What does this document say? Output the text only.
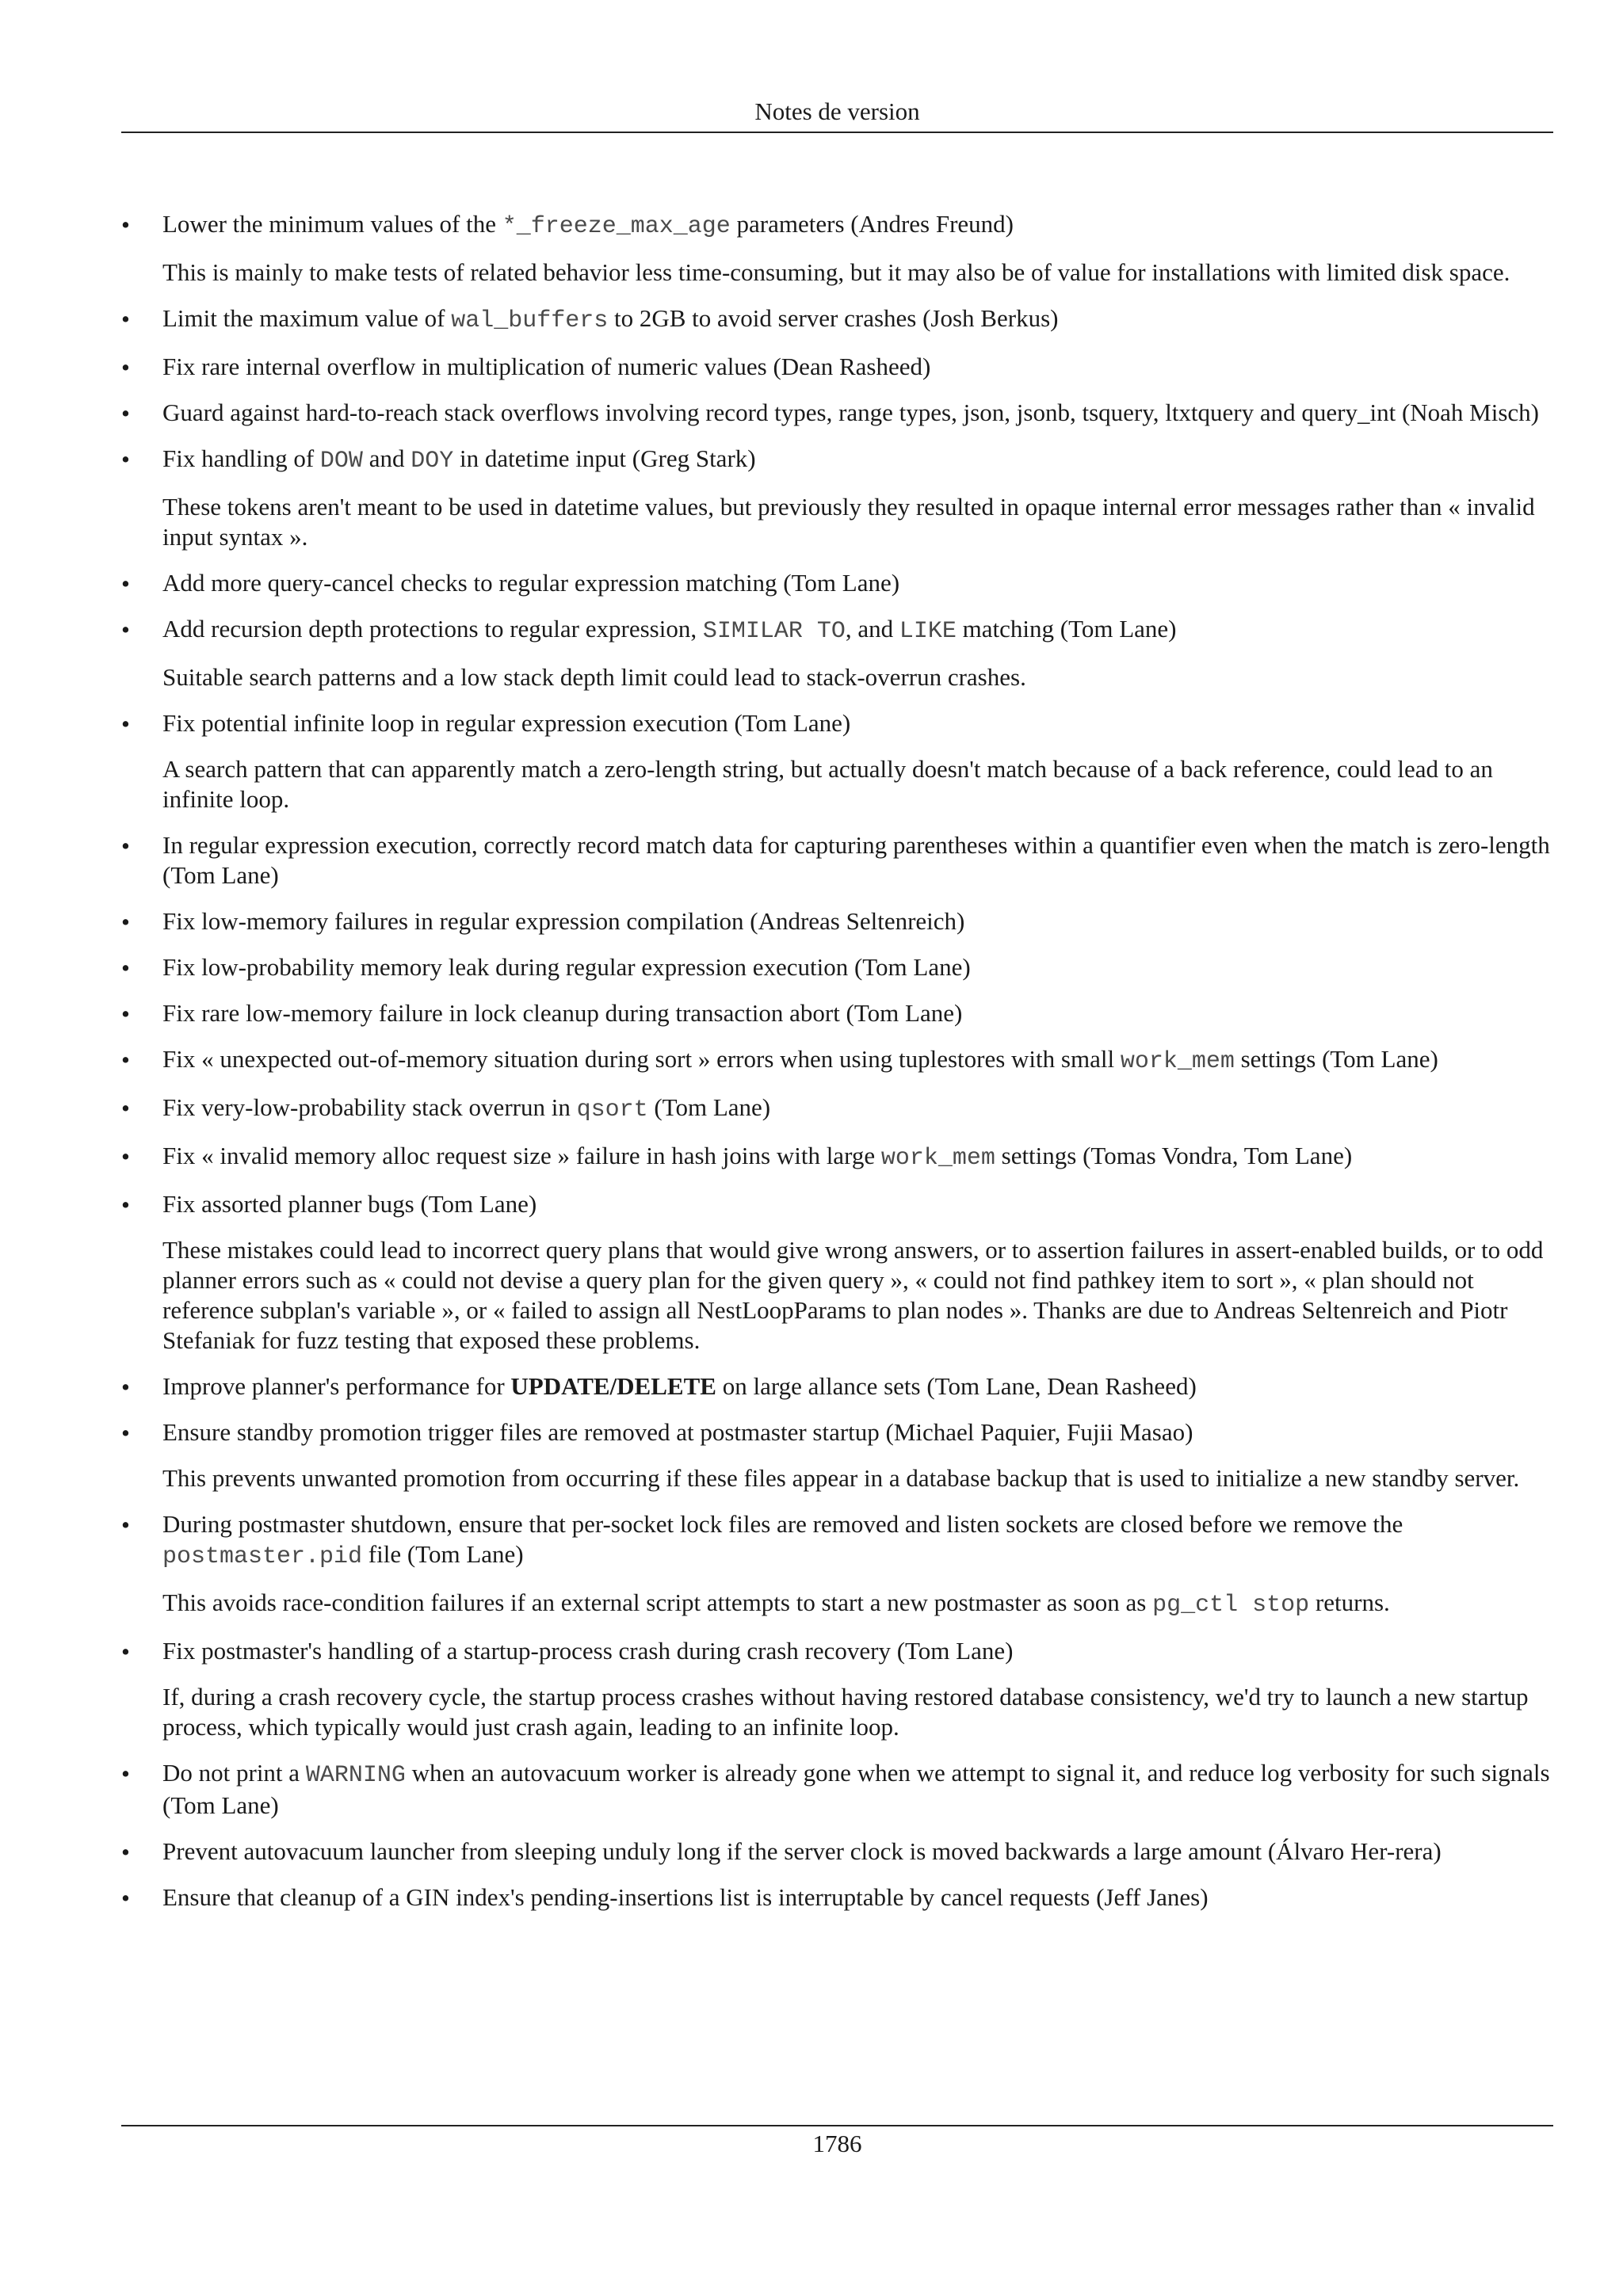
Notes de version
• Lower the minimum values of the *_freeze_max_age parameters (Andres Freund)

This is mainly to make tests of related behavior less time-consuming, but it may also be of value for installations with limited disk space.

• Limit the maximum value of wal_buffers to 2GB to avoid server crashes (Josh Berkus)

• Fix rare internal overflow in multiplication of numeric values (Dean Rasheed)

• Guard against hard-to-reach stack overflows involving record types, range types, json, jsonb, tsquery, ltxtquery and query_int (Noah Misch)

• Fix handling of DOW and DOY in datetime input (Greg Stark)

These tokens aren't meant to be used in datetime values, but previously they resulted in opaque internal error messages rather than « invalid input syntax ».

• Add more query-cancel checks to regular expression matching (Tom Lane)

• Add recursion depth protections to regular expression, SIMILAR TO, and LIKE matching (Tom Lane)

Suitable search patterns and a low stack depth limit could lead to stack-overrun crashes.

• Fix potential infinite loop in regular expression execution (Tom Lane)

A search pattern that can apparently match a zero-length string, but actually doesn't match because of a back reference, could lead to an infinite loop.

• In regular expression execution, correctly record match data for capturing parentheses within a quantifier even when the match is zero-length (Tom Lane)

• Fix low-memory failures in regular expression compilation (Andreas Seltenreich)

• Fix low-probability memory leak during regular expression execution (Tom Lane)

• Fix rare low-memory failure in lock cleanup during transaction abort (Tom Lane)

• Fix « unexpected out-of-memory situation during sort » errors when using tuplestores with small work_mem settings (Tom Lane)

• Fix very-low-probability stack overrun in qsort (Tom Lane)

• Fix « invalid memory alloc request size » failure in hash joins with large work_mem settings (Tomas Vondra, Tom Lane)

• Fix assorted planner bugs (Tom Lane)

These mistakes could lead to incorrect query plans that would give wrong answers, or to assertion failures in assert-enabled builds, or to odd planner errors such as « could not devise a query plan for the given query », « could not find pathkey item to sort », « plan should not reference subplan's variable », or « failed to assign all NestLoopParams to plan nodes ». Thanks are due to Andreas Seltenreich and Piotr Stefaniak for fuzz testing that exposed these problems.

• Improve planner's performance for UPDATE/DELETE on large allance sets (Tom Lane, Dean Rasheed)

• Ensure standby promotion trigger files are removed at postmaster startup (Michael Paquier, Fujii Masao)

This prevents unwanted promotion from occurring if these files appear in a database backup that is used to initialize a new standby server.

• During postmaster shutdown, ensure that per-socket lock files are removed and listen sockets are closed before we remove the postmaster.pid file (Tom Lane)

This avoids race-condition failures if an external script attempts to start a new postmaster as soon as pg_ctl stop returns.

• Fix postmaster's handling of a startup-process crash during crash recovery (Tom Lane)

If, during a crash recovery cycle, the startup process crashes without having restored database consistency, we'd try to launch a new startup process, which typically would just crash again, leading to an infinite loop.

• Do not print a WARNING when an autovacuum worker is already gone when we attempt to signal it, and reduce log verbosity for such signals (Tom Lane)

• Prevent autovacuum launcher from sleeping unduly long if the server clock is moved backwards a large amount (Álvaro Her-rera)

• Ensure that cleanup of a GIN index's pending-insertions list is interruptable by cancel requests (Jeff Janes)

1786
